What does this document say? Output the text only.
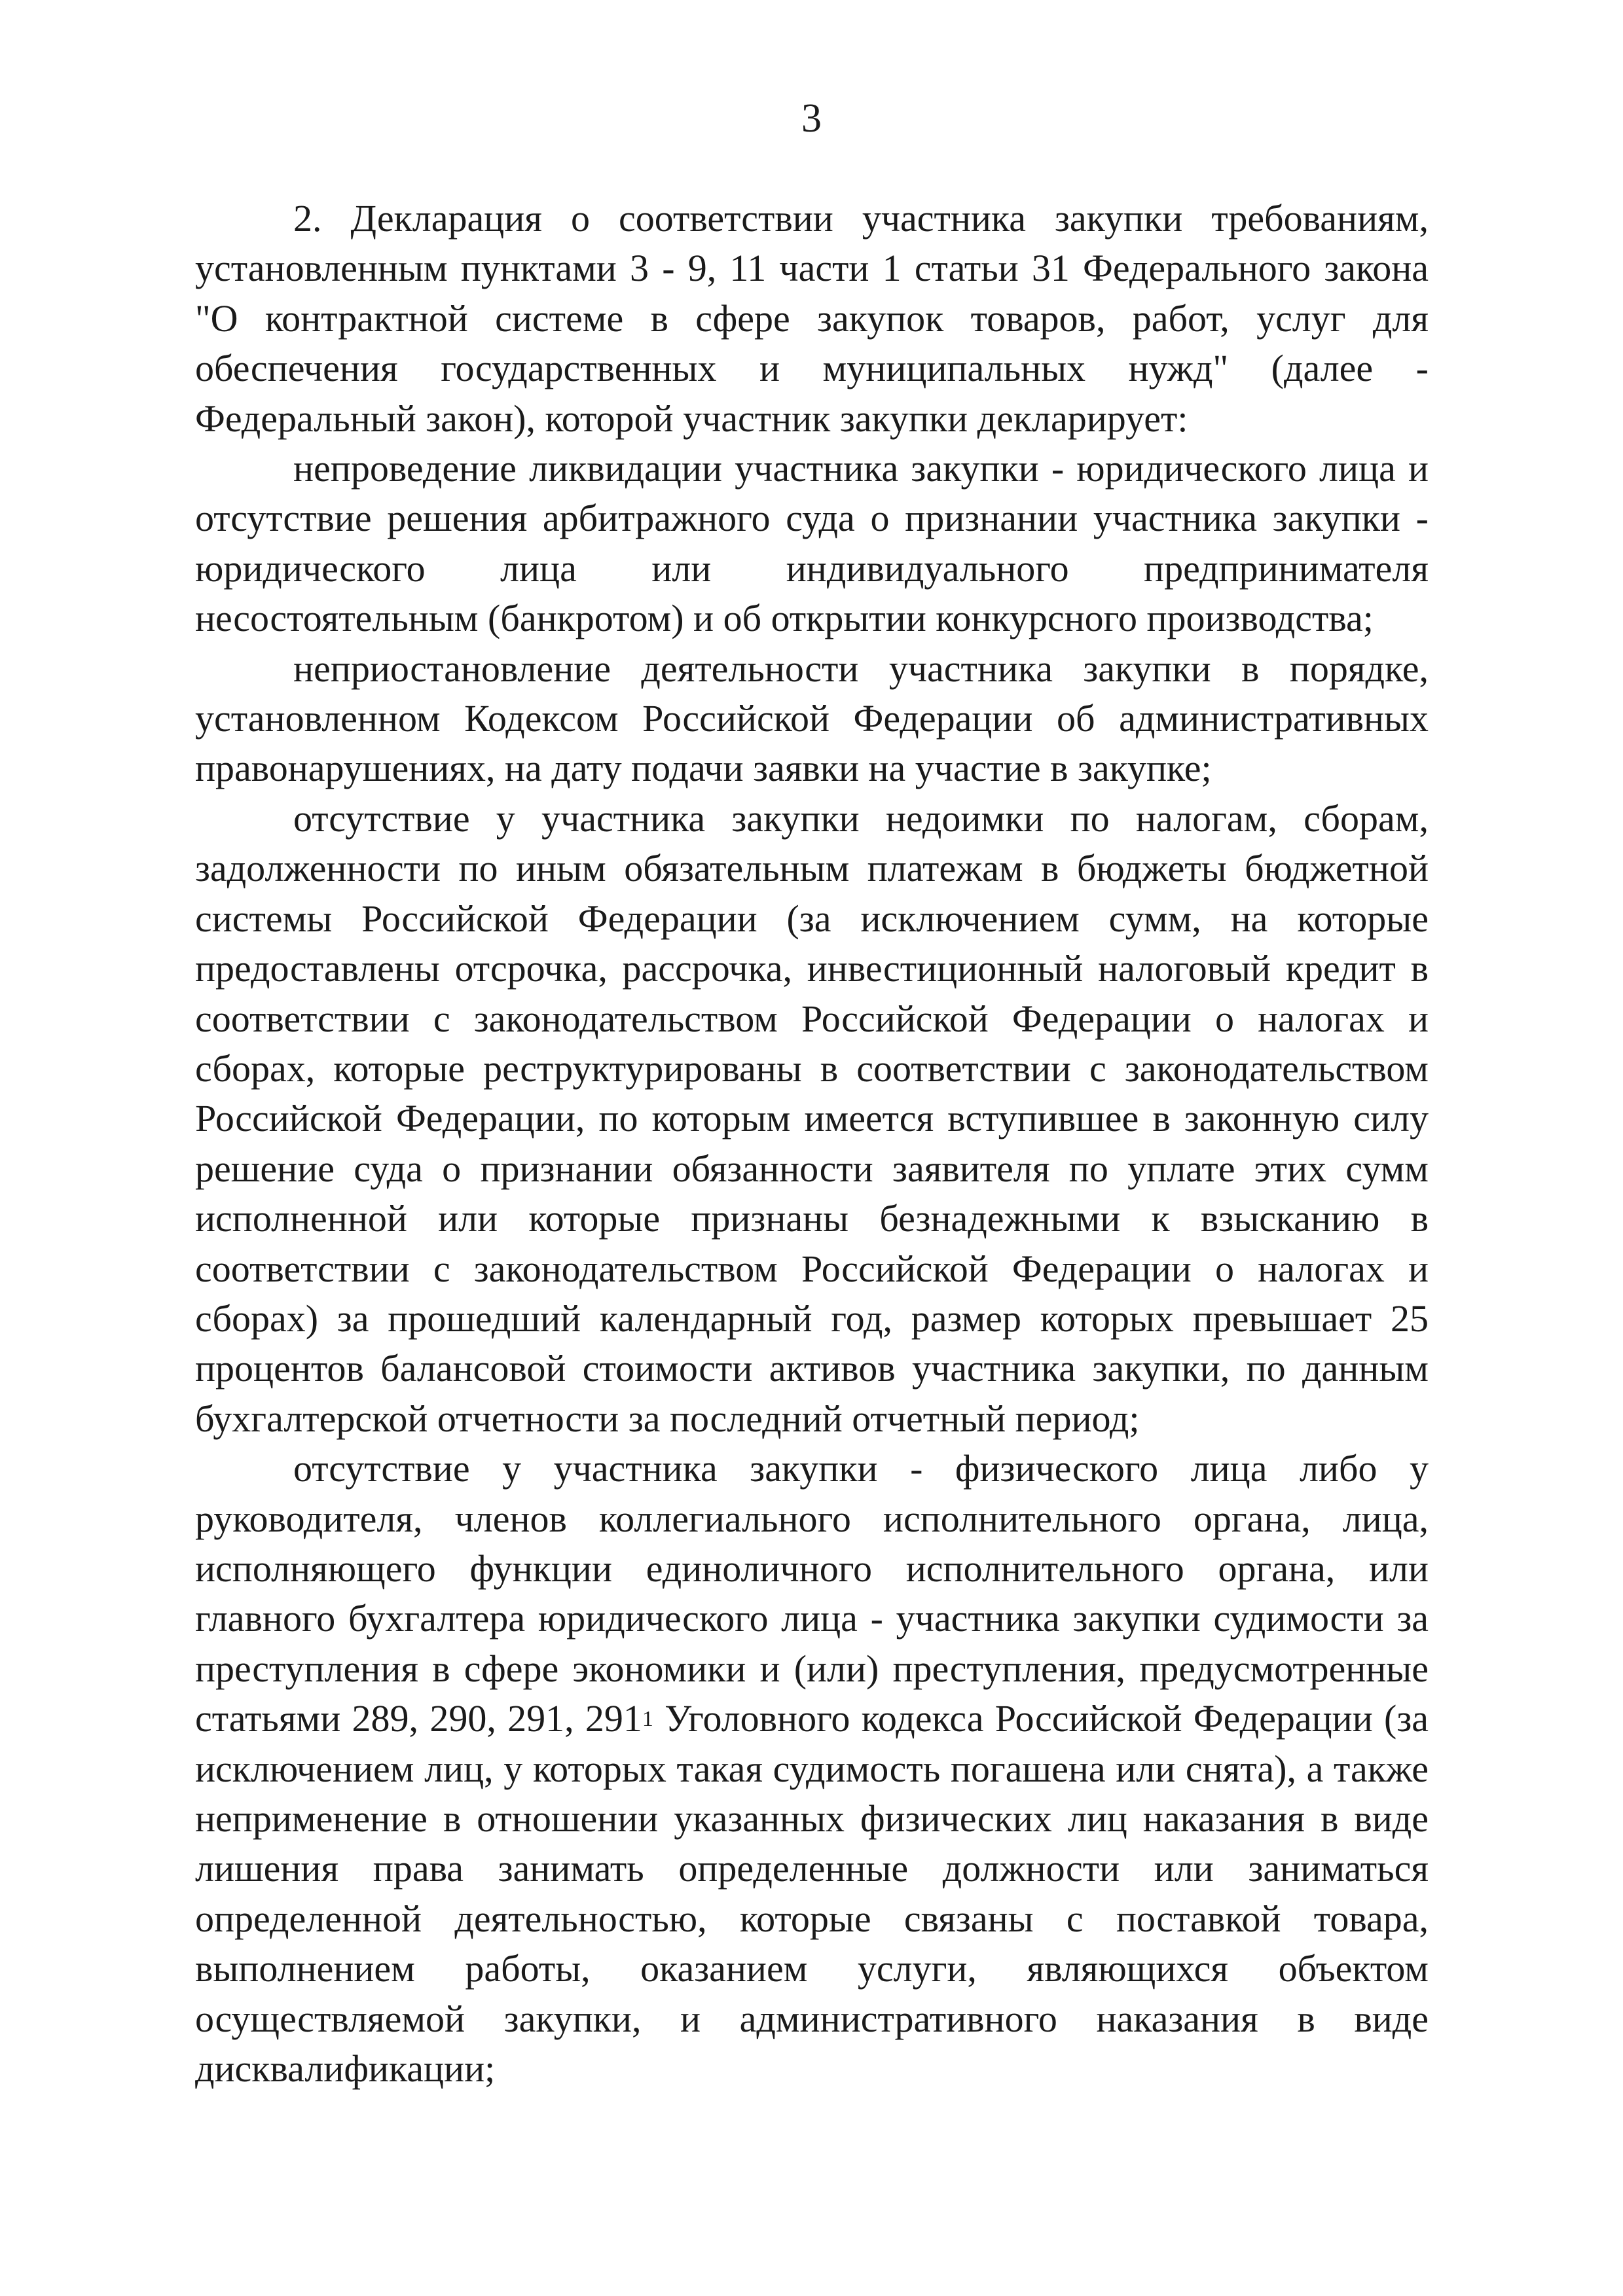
3

2. Декларация о соответствии участника закупки требованиям, установленным пунктами 3 - 9, 11 части 1 статьи 31 Федерального закона "О контрактной системе в сфере закупок товаров, работ, услуг для обеспечения государственных и муниципальных нужд" (далее - Федеральный закон), которой участник закупки декларирует:

непроведение ликвидации участника закупки - юридического лица и отсутствие решения арбитражного суда о признании участника закупки - юридического лица или индивидуального предпринимателя несостоятельным (банкротом) и об открытии конкурсного производства;

неприостановление деятельности участника закупки в порядке, установленном Кодексом Российской Федерации об административных правонарушениях, на дату подачи заявки на участие в закупке;

отсутствие у участника закупки недоимки по налогам, сборам, задолженности по иным обязательным платежам в бюджеты бюджетной системы Российской Федерации (за исключением сумм, на которые предоставлены отсрочка, рассрочка, инвестиционный налоговый кредит в соответствии с законодательством Российской Федерации о налогах и сборах, которые реструктурированы в соответствии с законодательством Российской Федерации, по которым имеется вступившее в законную силу решение суда о признании обязанности заявителя по уплате этих сумм исполненной или которые признаны безнадежными к взысканию в соответствии с законодательством Российской Федерации о налогах и сборах) за прошедший календарный год, размер которых превышает 25 процентов балансовой стоимости активов участника закупки, по данным бухгалтерской отчетности за последний отчетный период;

отсутствие у участника закупки - физического лица либо у руководителя, членов коллегиального исполнительного органа, лица, исполняющего функции единоличного исполнительного органа, или главного бухгалтера юридического лица - участника закупки судимости за преступления в сфере экономики и (или) преступления, предусмотренные статьями 289, 290, 291, $291^1$ Уголовного кодекса Российской Федерации (за исключением лиц, у которых такая судимость погашена или снята), а также неприменение в отношении указанных физических лиц наказания в виде лишения права занимать определенные должности или заниматься определенной деятельностью, которые связаны с поставкой товара, выполнением работы, оказанием услуги, являющихся объектом осуществляемой закупки, и административного наказания в виде дисквалификации;
